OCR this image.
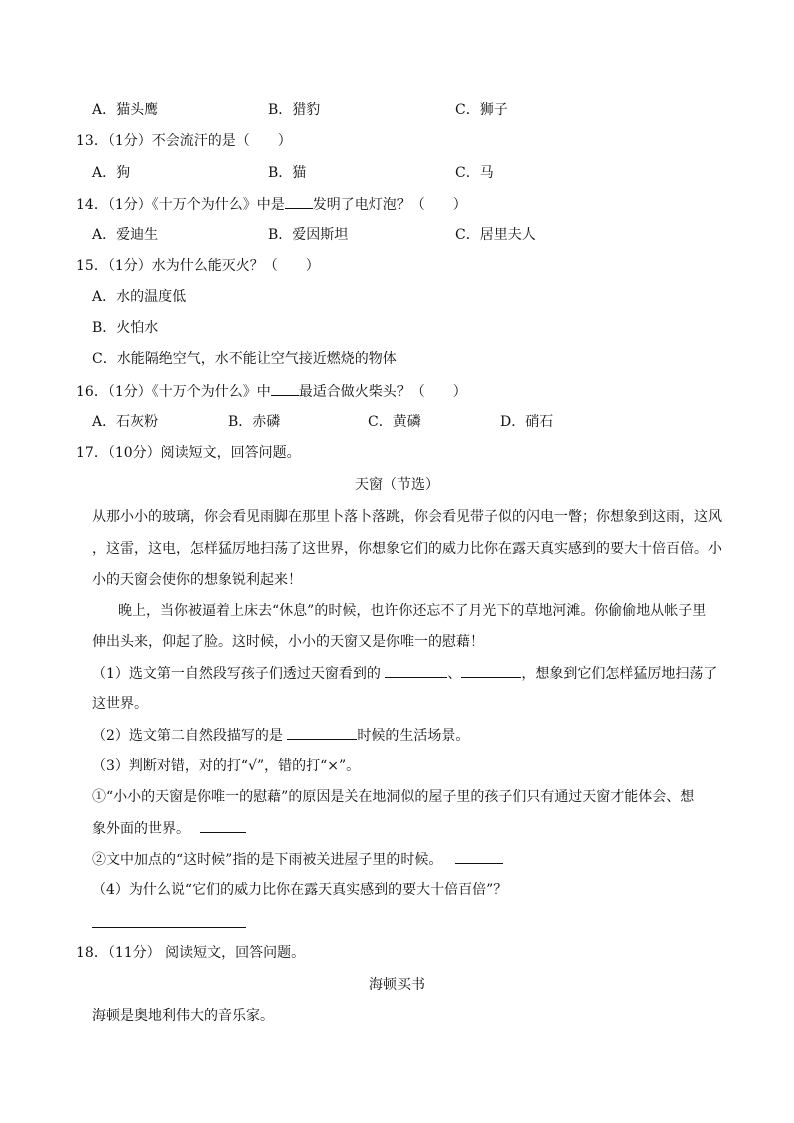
A．猫头鹰	B．猎豹	C．狮子
13．（1分）不会流汗的是（　　）
A．狗	B．猫	C．马
14．（1分）《十万个为什么》中是 发明了电灯泡？（　　）
A．爱迪生	B．爱因斯坦	C．居里夫人
15．（1分）水为什么能灭火？（　　）
A．水的温度低
B．火怕水
C．水能隔绝空气，水不能让空气接近燃烧的物体
16．（1分）《十万个为什么》中 最适合做火柴头？（　　）
A．石灰粉	B．赤磷	C．黄磷	D．硝石
17．（10分）阅读短文，回答问题。
天窗（节选）
从那小小的玻璃，你会看见雨脚在那里卜落卜落跳，你会看见带子似的闪电一瞥；你想象到这雨，这风
，这雷，这电，怎样猛厉地扫荡了这世界，你想象它们的威力比你在露天真实感到的要大十倍百倍。小
小的天窗会使你的想象锐利起来！
晚上，当你被逼着上床去“休息”的时候，也许你还忘不了月光下的草地河滩。你偷偷地从帐子里
伸出头来，仰起了脸。这时候，小小的天窗又是你唯一的慰藉！
（1）选文第一自然段写孩子们透过天窗看到的	、	，想象到它们怎样猛厉地扫荡了
这世界。
（2）选文第二自然段描写的是	时候的生活场景。
（3）判断对错，对的打“√”，错的打“×”。
①“小小的天窗是你唯一的慰藉”的原因是关在地洞似的屋子里的孩子们只有通过天窗才能体会、想
象外面的世界。
②文中加点的“这时候”指的是下雨被关进屋子里的时候。
（4）为什么说“它们的威力比你在露天真实感到的要大十倍百倍”？
18．（11分） 阅读短文，回答问题。
海顿买书
海顿是奥地利伟大的音乐家。
